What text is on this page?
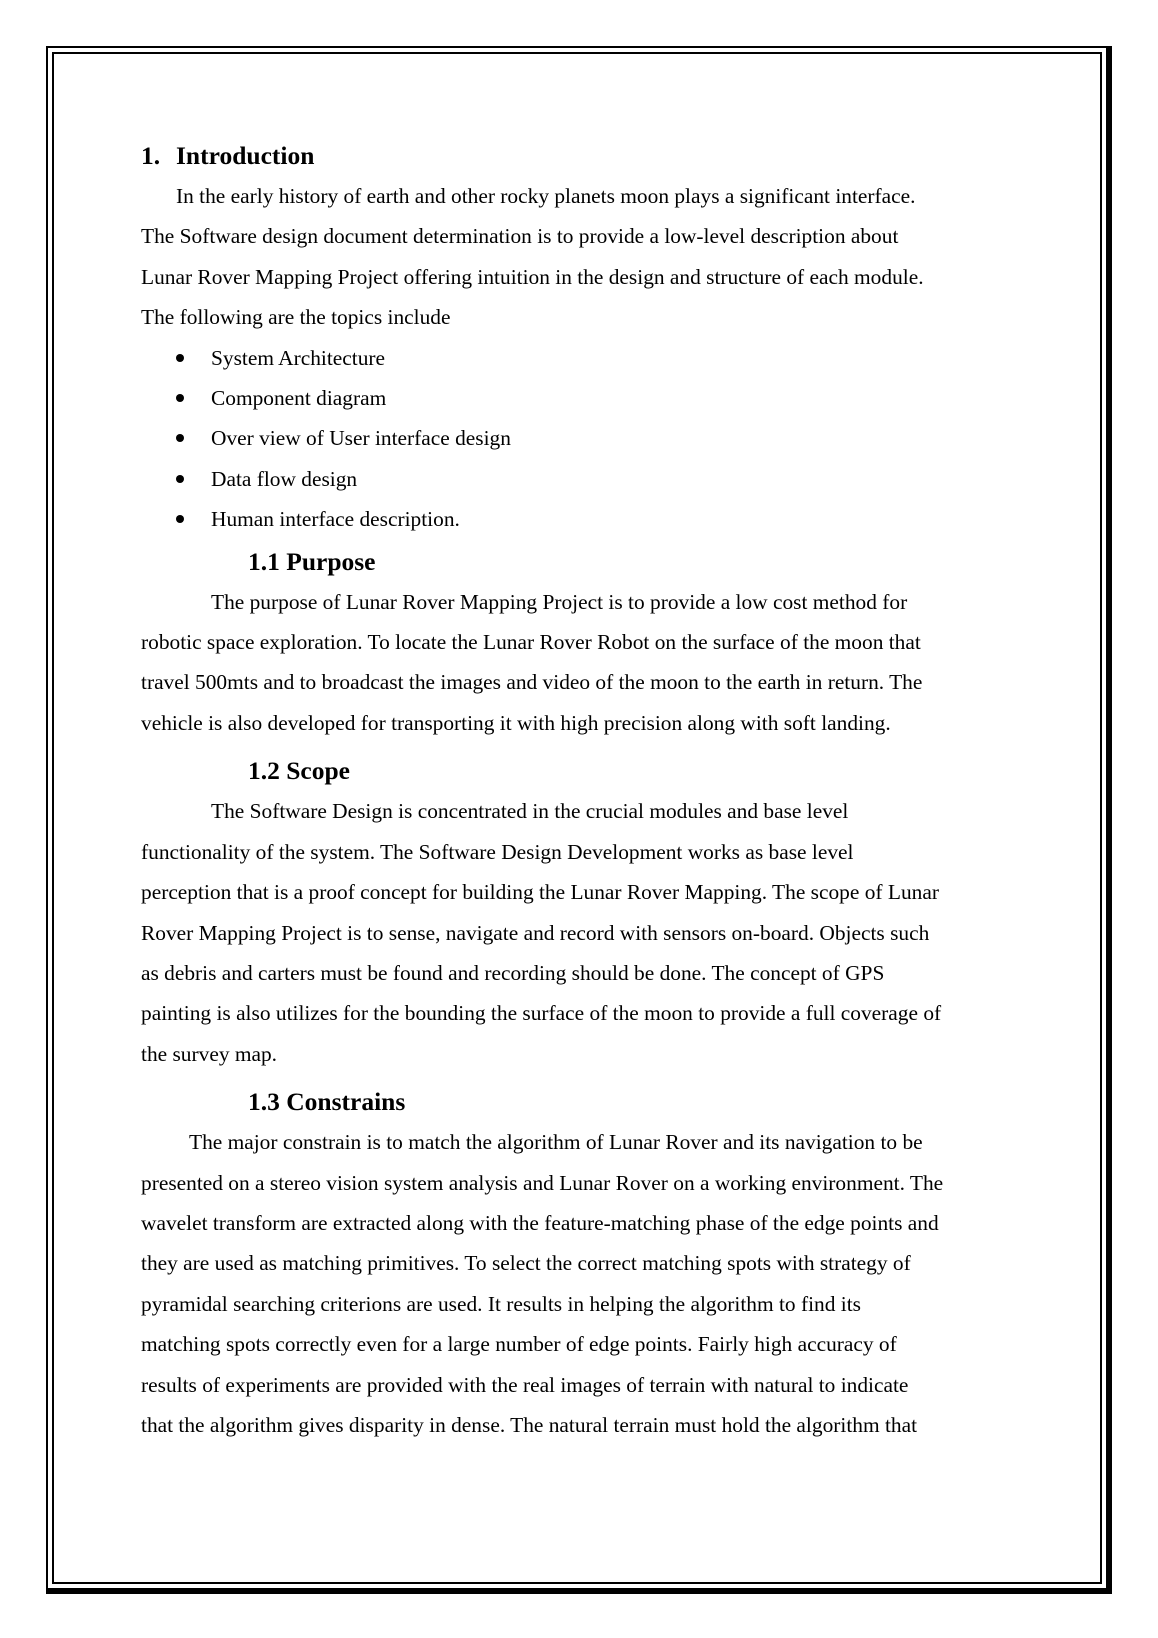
1. Introduction
In the early history of earth and other rocky planets moon plays a significant interface.
The Software design document determination is to provide a low-level description about
Lunar Rover Mapping Project offering intuition in the design and structure of each module.
The following are the topics include
System Architecture
Component diagram
Over view of User interface design
Data flow design
Human interface description.
1.1 Purpose
The purpose of Lunar Rover Mapping Project is to provide a low cost method for
robotic space exploration. To locate the Lunar Rover Robot on the surface of the moon that
travel 500mts and to broadcast the images and video of the moon to the earth in return. The
vehicle is also developed for transporting it with high precision along with soft landing.
1.2 Scope
The Software Design is concentrated in the crucial modules and base level
functionality of the system. The Software Design Development works as base level
perception that is a proof concept for building the Lunar Rover Mapping. The scope of Lunar
Rover Mapping Project is to sense, navigate and record with sensors on-board. Objects such
as debris and carters must be found and recording should be done. The concept of GPS
painting is also utilizes for the bounding the surface of the moon to provide a full coverage of
the survey map.
1.3 Constrains
The major constrain is to match the algorithm of Lunar Rover and its navigation to be
presented on a stereo vision system analysis and Lunar Rover on a working environment. The
wavelet transform are extracted along with the feature-matching phase of the edge points and
they are used as matching primitives. To select the correct matching spots with strategy of
pyramidal searching criterions are used. It results in helping the algorithm to find its
matching spots correctly even for a large number of edge points. Fairly high accuracy of
results of experiments are provided with the real images of terrain with natural to indicate
that the algorithm gives disparity in dense. The natural terrain must hold the algorithm that
